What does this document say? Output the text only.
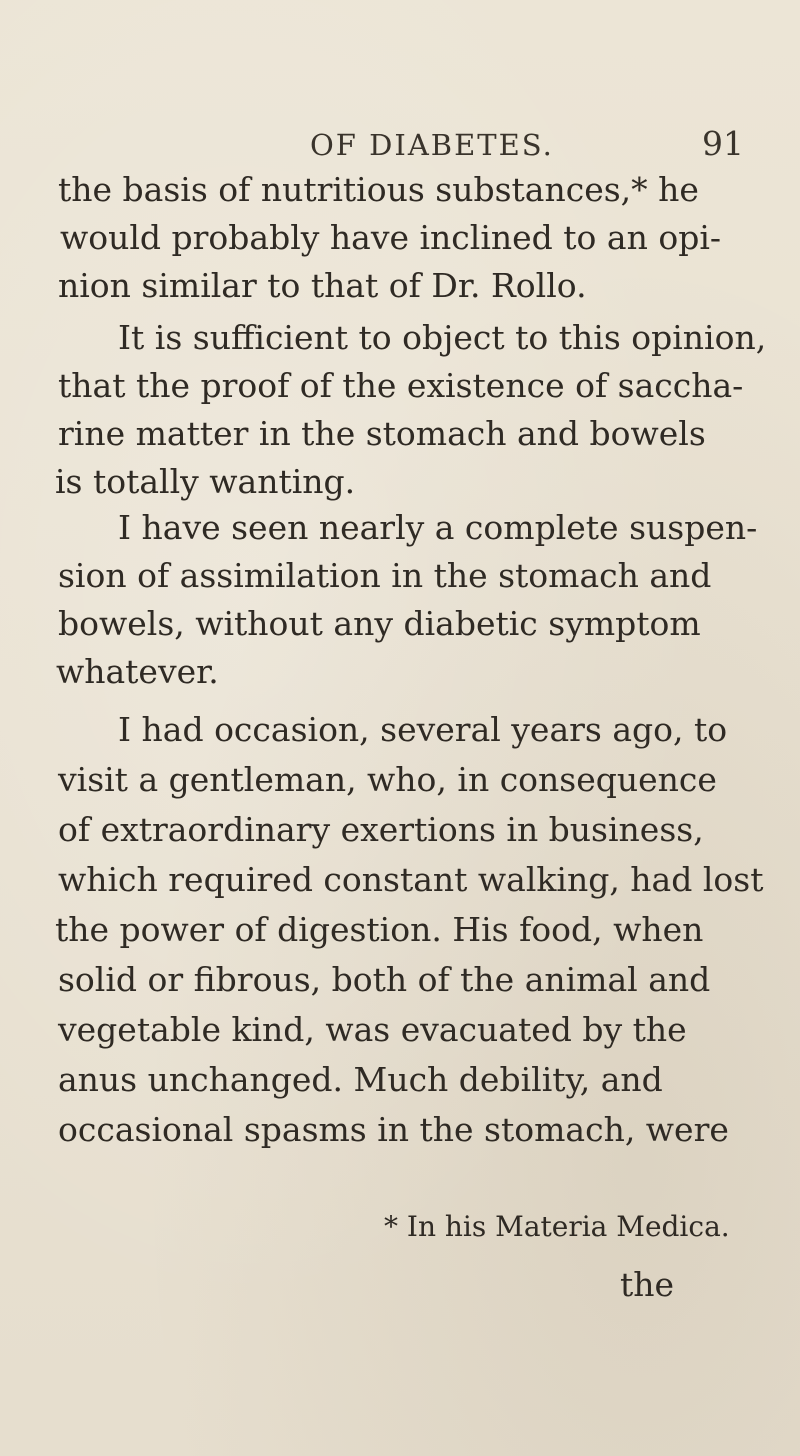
OF DIABETES.	91
the basis of nutritious substances,* he
would probably have inclined to an opi-
nion similar to that of Dr. Rollo.
It is sufficient to object to this opinion,
that the proof of the existence of saccha-
rine matter in the stomach and bowels
is totally wanting.
I have seen nearly a complete suspen-
sion of assimilation in the stomach and
bowels, without any diabetic symptom
whatever.
I had occasion, several years ago, to
visit a gentleman, who, in consequence
of extraordinary exertions in business,
which required constant walking, had lost
the power of digestion. His food, when
solid or fibrous, both of the animal and
vegetable kind, was evacuated by the
anus unchanged. Much debility, and
occasional spasms in the stomach, were
* In his Materia Medica.
the
